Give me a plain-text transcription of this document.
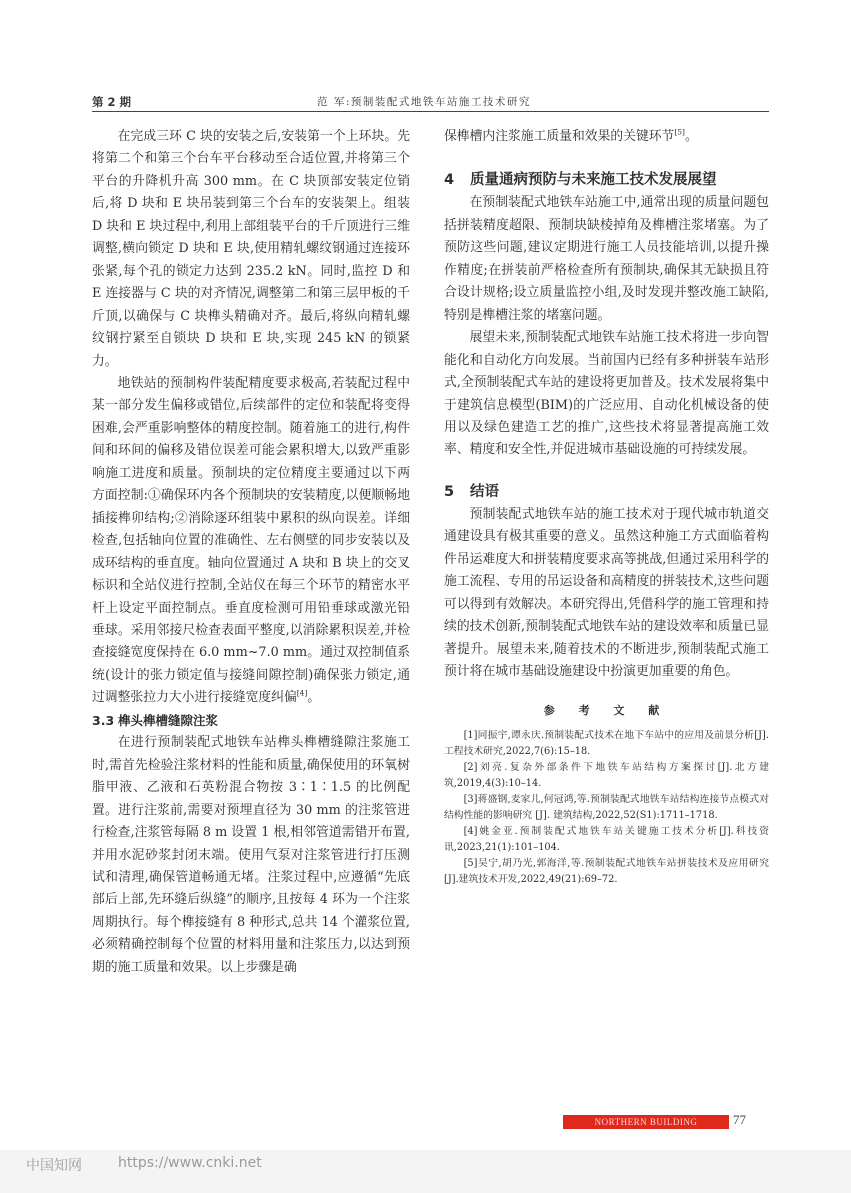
第 2 期	范 军:预制装配式地铁车站施工技术研究

在完成三环 C 块的安装之后,安装第一个上环块。先将第二个和第三个台车平台移动至合适位置,并将第三个平台的升降机升高 300 mm。在 C 块顶部安装定位销后,将 D 块和 E 块吊装到第三个台车的安装架上。组装 D 块和 E 块过程中,利用上部组装平台的千斤顶进行三维调整,横向锁定 D 块和 E 块,使用精轧螺纹钢通过连接环张紧,每个孔的锁定力达到 235.2 kN。同时,监控 D 和 E 连接器与 C 块的对齐情况,调整第二和第三层甲板的千斤顶,以确保与 C 块榫头精确对齐。最后,将纵向精轧螺纹钢拧紧至自锁块 D 块和 E 块,实现 245 kN 的锁紧力。

地铁站的预制构件装配精度要求极高,若装配过程中某一部分发生偏移或错位,后续部件的定位和装配将变得困难,会严重影响整体的精度控制。随着施工的进行,构件间和环间的偏移及错位误差可能会累积增大,以致严重影响施工进度和质量。预制块的定位精度主要通过以下两方面控制:①确保环内各个预制块的安装精度,以便顺畅地插接榫卯结构;②消除逐环组装中累积的纵向误差。详细检查,包括轴向位置的准确性、左右侧壁的同步安装以及成环结构的垂直度。轴向位置通过 A 块和 B 块上的交叉标识和全站仪进行控制,全站仪在每三个环节的精密水平杆上设定平面控制点。垂直度检测可用铅垂球或激光铅垂球。采用邻接尺检查表面平整度,以消除累积误差,并检查接缝宽度保持在 6.0 mm~7.0 mm。通过双控制值系统(设计的张力锁定值与接缝间隙控制)确保张力锁定,通过调整张拉力大小进行接缝宽度纠偏[4]。

3.3 榫头榫槽缝隙注浆

在进行预制装配式地铁车站榫头榫槽缝隙注浆施工时,需首先检验注浆材料的性能和质量,确保使用的环氧树脂甲液、乙液和石英粉混合物按 3∶1∶1.5 的比例配置。进行注浆前,需要对预埋直径为 30 mm 的注浆管进行检查,注浆管每隔 8 m 设置 1 根,相邻管道需错开布置,并用水泥砂浆封闭末端。使用气泵对注浆管进行打压测试和清理,确保管道畅通无堵。注浆过程中,应遵循“先底部后上部,先环缝后纵缝”的顺序,且按每 4 环为一个注浆周期执行。每个榫接缝有 8 种形式,总共 14 个灌浆位置,必须精确控制每个位置的材料用量和注浆压力,以达到预期的施工质量和效果。以上步骤是确

保榫槽内注浆施工质量和效果的关键环节[5]。

4 质量通病预防与未来施工技术发展展望

在预制装配式地铁车站施工中,通常出现的质量问题包括拼装精度超限、预制块缺棱掉角及榫槽注浆堵塞。为了预防这些问题,建议定期进行施工人员技能培训,以提升操作精度;在拼装前严格检查所有预制块,确保其无缺损且符合设计规格;设立质量监控小组,及时发现并整改施工缺陷,特别是榫槽注浆的堵塞问题。

展望未来,预制装配式地铁车站施工技术将进一步向智能化和自动化方向发展。当前国内已经有多种拼装车站形式,全预制装配式车站的建设将更加普及。技术发展将集中于建筑信息模型(BIM)的广泛应用、自动化机械设备的使用以及绿色建造工艺的推广,这些技术将显著提高施工效率、精度和安全性,并促进城市基础设施的可持续发展。

5 结语

预制装配式地铁车站的施工技术对于现代城市轨道交通建设具有极其重要的意义。虽然这种施工方式面临着构件吊运难度大和拼装精度要求高等挑战,但通过采用科学的施工流程、专用的吊运设备和高精度的拼装技术,这些问题可以得到有效解决。本研究得出,凭借科学的施工管理和持续的技术创新,预制装配式地铁车站的建设效率和质量已显著提升。展望未来,随着技术的不断进步,预制装配式施工预计将在城市基础设施建设中扮演更加重要的角色。

参 考 文 献

[1]同振宇,谭永庆.预制装配式技术在地下车站中的应用及前景分析[J].工程技术研究,2022,7(6):15–18.

[2]刘亮.复杂外部条件下地铁车站结构方案探讨[J].北方建筑,2019,4(3):10–14.

[3]蒋盛钢,麦家儿,何冠鸿,等.预制装配式地铁车站结构连接节点模式对结构性能的影响研究 [J]. 建筑结构,2022,52(S1):1711–1718.

[4]姚金亚.预制装配式地铁车站关键施工技术分析[J].科技资讯,2023,21(1):101–104.

[5]吴宁,胡乃光,郭海洋,等.预制装配式地铁车站拼装技术及应用研究[J].建筑技术开发,2022,49(21):69–72.

NORTHERN BUILDING	77
中国知网	https://www.cnki.net
